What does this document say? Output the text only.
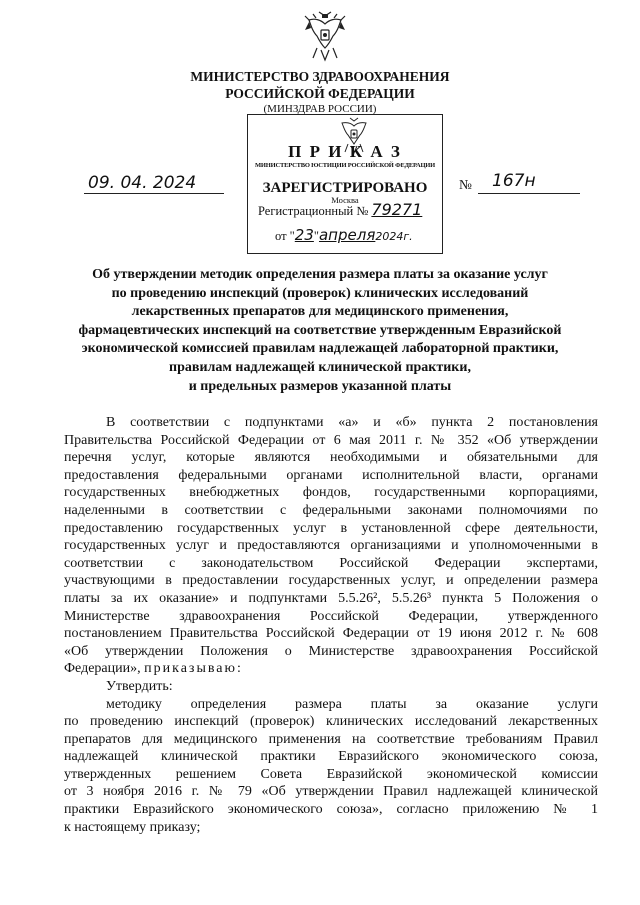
МИНИСТЕРСТВО ЗДРАВООХРАНЕНИЯ
РОССИЙСКОЙ ФЕДЕРАЦИИ
(МИНЗДРАВ РОССИИ)
П Р И К А З
МИНИСТЕРСТВО ЮСТИЦИИ РОССИЙСКОЙ ФЕДЕРАЦИИ
ЗАРЕГИСТРИРОВАНО
Москва
Регистрационный № 79271
от "23"апреля2024г.
09. 04. 2024	№ 167н
Об утверждении методик определения размера платы за оказание услуг
по проведению инспекций (проверок) клинических исследований
лекарственных препаратов для медицинского применения,
фармацевтических инспекций на соответствие утвержденным Евразийской
экономической комиссией правилам надлежащей лабораторной практики,
правилам надлежащей клинической практики,
и предельных размеров указанной платы
В соответствии с подпунктами «а» и «б» пункта 2 постановления
Правительства Российской Федерации от 6 мая 2011 г. № 352 «Об утверждении
перечня услуг, которые являются необходимыми и обязательными для
предоставления федеральными органами исполнительной власти, органами
государственных внебюджетных фондов, государственными корпорациями,
наделенными в соответствии с федеральными законами полномочиями по
предоставлению государственных услуг в установленной сфере деятельности,
государственных услуг и предоставляются организациями и уполномоченными в
соответствии с законодательством Российской Федерации экспертами,
участвующими в предоставлении государственных услуг, и определении размера
платы за их оказание» и подпунктами 5.5.26², 5.5.26³ пункта 5 Положения о
Министерстве здравоохранения Российской Федерации, утвержденного
постановлением Правительства Российской Федерации от 19 июня 2012 г. № 608
«Об утверждении Положения о Министерстве здравоохранения Российской
Федерации», приказываю:
Утвердить:
методику определения размера платы за оказание услуги
по проведению инспекций (проверок) клинических исследований лекарственных
препаратов для медицинского применения на соответствие требованиям Правил
надлежащей клинической практики Евразийского экономического союза,
утвержденных решением Совета Евразийской экономической комиссии
от 3 ноября 2016 г. № 79 «Об утверждении Правил надлежащей клинической
практики Евразийского экономического союза», согласно приложению № 1
к настоящему приказу;
